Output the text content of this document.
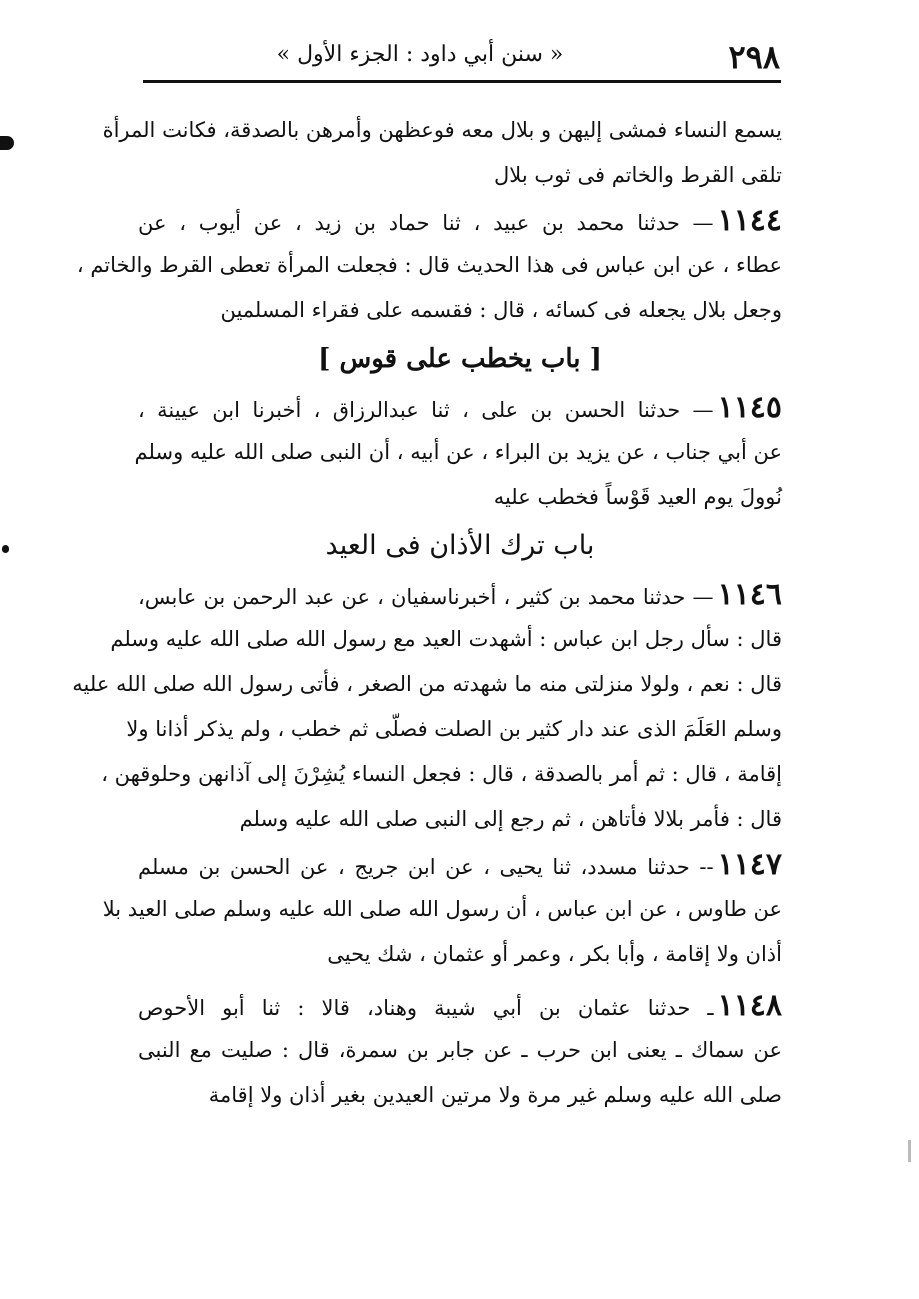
٢٩٨
« سنن أبي داود : الجزء الأول »
يسمع النساء فمشى إليهن و بلال معه فوعظهن وأمرهن بالصدقة، فكانت المرأة
تلقى القرط والخاتم فى ثوب بلال
١١٤٤— حدثنا محمد بن عبيد ، ثنا حماد بن زيد ، عن أيوب ، عن
عطاء ، عن ابن عباس فى هذا الحديث قال : فجعلت المرأة تعطى القرط والخاتم ،
وجعل بلال يجعله فى كسائه ، قال : فقسمه على فقراء المسلمين
[ باب يخطب على قوس ]
١١٤٥— حدثنا الحسن بن على ، ثنا عبدالرزاق ، أخبرنا ابن عيينة ،
عن أبي جناب ، عن يزيد بن البراء ، عن أبيه ، أن النبى صلى الله عليه وسلم
نُوولَ يوم العيد قَوْساً فخطب عليه
باب ترك الأذان فى العيد
١١٤٦— حدثنا محمد بن كثير ، أخبرناسفيان ، عن عبد الرحمن بن عابس،
قال : سأل رجل ابن عباس : أشهدت العيد مع رسول الله صلى الله عليه وسلم
قال : نعم ، ولولا منزلتى منه ما شهدته من الصغر ، فأتى رسول الله صلى الله عليه
وسلم العَلَمَ الذى عند دار كثير بن الصلت فصلّى ثم خطب ، ولم يذكر أذانا ولا
إقامة ، قال : ثم أمر بالصدقة ، قال : فجعل النساء يُشِرْنَ إلى آذانهن وحلوقهن ،
قال : فأمر بلالا فأتاهن ، ثم رجع إلى النبى صلى الله عليه وسلم
١١٤٧-- حدثنا مسدد، ثنا يحيى ، عن ابن جريج ، عن الحسن بن مسلم
عن طاوس ، عن ابن عباس ، أن رسول الله صلى الله عليه وسلم صلى العيد بلا
أذان ولا إقامة ، وأبا بكر ، وعمر أو عثمان ، شك يحيى
١١٤٨ـ حدثنا عثمان بن أبي شيبة وهناد، قالا : ثنا أبو الأحوص
عن سماك ـ يعنى ابن حرب ـ عن جابر بن سمرة، قال : صليت مع النبى
صلى الله عليه وسلم غير مرة ولا مرتين العيدين بغير أذان ولا إقامة
